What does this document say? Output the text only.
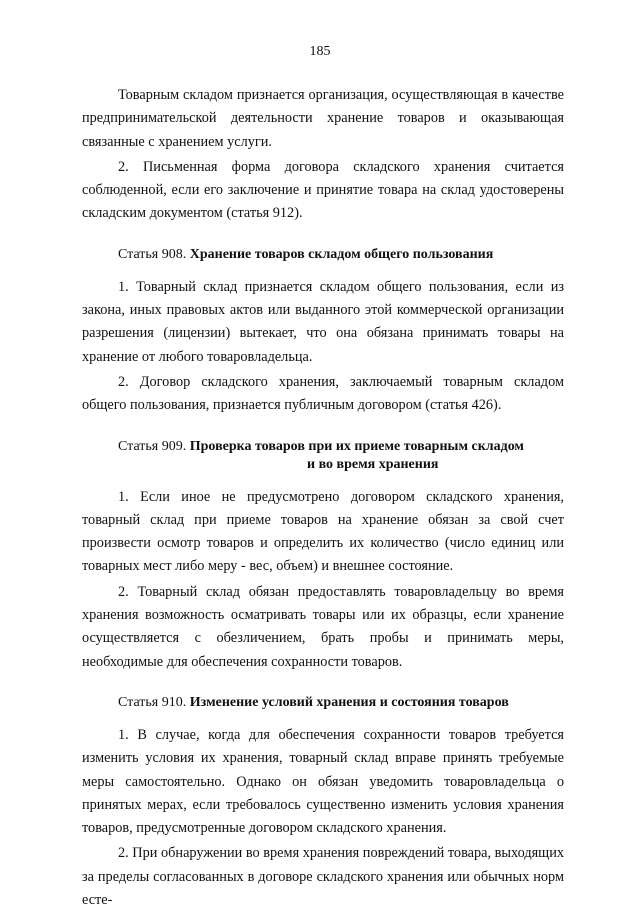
185

Товарным складом признается организация, осуществляющая в качестве предпринимательской деятельности хранение товаров и оказывающая связанные с хранением услуги.

2. Письменная форма договора складского хранения считается соблюденной, если его заключение и принятие товара на склад удостоверены складским документом (статья 912).

Статья 908. Хранение товаров складом общего пользования

1. Товарный склад признается складом общего пользования, если из закона, иных правовых актов или выданного этой коммерческой организации разрешения (лицензии) вытекает, что она обязана принимать товары на хранение от любого товаровладельца.

2. Договор складского хранения, заключаемый товарным складом общего пользования, признается публичным договором (статья 426).

Статья 909. Проверка товаров при их приеме товарным складом
и во время хранения

1. Если иное не предусмотрено договором складского хранения, товарный склад при приеме товаров на хранение обязан за свой счет произвести осмотр товаров и определить их количество (число единиц или товарных мест либо меру - вес, объем) и внешнее состояние.

2. Товарный склад обязан предоставлять товаровладельцу во время хранения возможность осматривать товары или их образцы, если хранение осуществляется с обезличением, брать пробы и принимать меры, необходимые для обеспечения сохранности товаров.

Статья 910. Изменение условий хранения и состояния товаров

1. В случае, когда для обеспечения сохранности товаров требуется изменить условия их хранения, товарный склад вправе принять требуемые меры самостоятельно. Однако он обязан уведомить товаровладельца о принятых мерах, если требовалось существенно изменить условия хранения товаров, предусмотренные договором складского хранения.

2. При обнаружении во время хранения повреждений товара, выходящих за пределы согласованных в договоре складского хранения или обычных норм есте-
